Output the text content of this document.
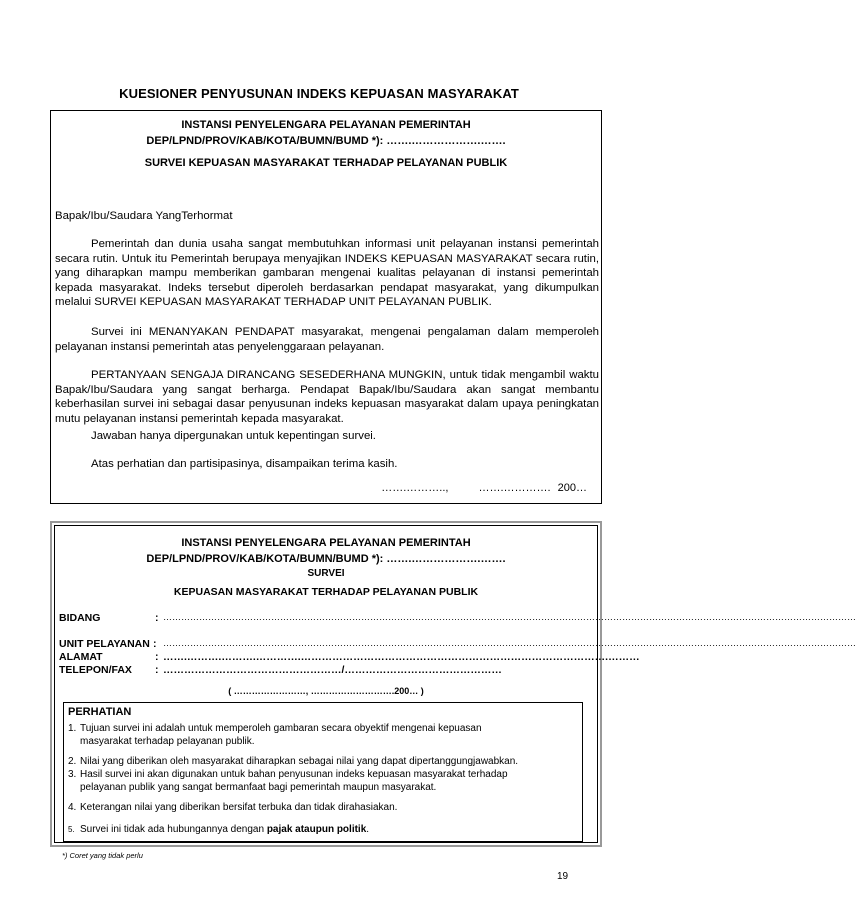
KUESIONER PENYUSUNAN INDEKS KEPUASAN MASYARAKAT
INSTANSI PENYELENGARA PELAYANAN PEMERINTAH
DEP/LPND/PROV/KAB/KOTA/BUMN/BUMD *): …….……………….…….
SURVEI KEPUASAN MASYARAKAT TERHADAP PELAYANAN PUBLIK
Bapak/Ibu/Saudara YangTerhormat
Pemerintah dan dunia usaha sangat membutuhkan informasi unit pelayanan instansi pemerintah secara rutin. Untuk itu Pemerintah berupaya menyajikan INDEKS KEPUASAN MASYARAKAT secara rutin, yang diharapkan mampu memberikan gambaran mengenai kualitas pelayanan di instansi pemerintah kepada masyarakat. Indeks tersebut diperoleh berdasarkan pendapat masyarakat, yang dikumpulkan melalui SURVEI KEPUASAN MASYARAKAT TERHADAP UNIT PELAYANAN PUBLIK.
Survei ini MENANYAKAN PENDAPAT masyarakat, mengenai pengalaman dalam memperoleh pelayanan instansi pemerintah atas penyelenggaraan pelayanan.
PERTANYAAN SENGAJA DIRANCANG SESEDERHANA MUNGKIN, untuk tidak mengambil waktu Bapak/Ibu/Saudara yang sangat berharga. Pendapat Bapak/Ibu/Saudara akan sangat membantu keberhasilan survei ini sebagai dasar penyusunan indeks kepuasan masyarakat dalam upaya peningkatan mutu pelayanan instansi pemerintah kepada masyarakat.
Jawaban hanya dipergunakan untuk kepentingan survei.
Atas perhatian dan partisipasinya, disampaikan terima kasih.
…….………..,	…….…………. 200…
INSTANSI PENYELENGARA PELAYANAN PEMERINTAH
DEP/LPND/PROV/KAB/KOTA/BUMN/BUMD *): …….……………….…….
SURVEI
KEPUASAN MASYARAKAT TERHADAP PELAYANAN PUBLIK
BIDANG	: ……………………………………………………………………………………………………………………………………………………………………………………………………………
UNIT PELAYANAN : ……………………………………………………………………………………………………………………………………………………………………………………………………………
ALAMAT	: …….……….……….………….…………………………………………………………………………….………
TELEPON/FAX : ……………………………………………/………………………………………
( ……………………, ……………………….200… )
PERHATIAN
1. Tujuan survei ini adalah untuk memperoleh gambaran secara obyektif mengenai kepuasan
masyarakat terhadap pelayanan publik.
2. Nilai yang diberikan oleh masyarakat diharapkan sebagai nilai yang dapat dipertanggungjawabkan.
3. Hasil survei ini akan digunakan untuk bahan penyusunan indeks kepuasan masyarakat terhadap
pelayanan publik yang sangat bermanfaat bagi pemerintah maupun masyarakat.
4. Keterangan nilai yang diberikan bersifat terbuka dan tidak dirahasiakan.
5. Survei ini tidak ada hubungannya dengan pajak ataupun politik.
*) Coret yang tidak perlu
19
